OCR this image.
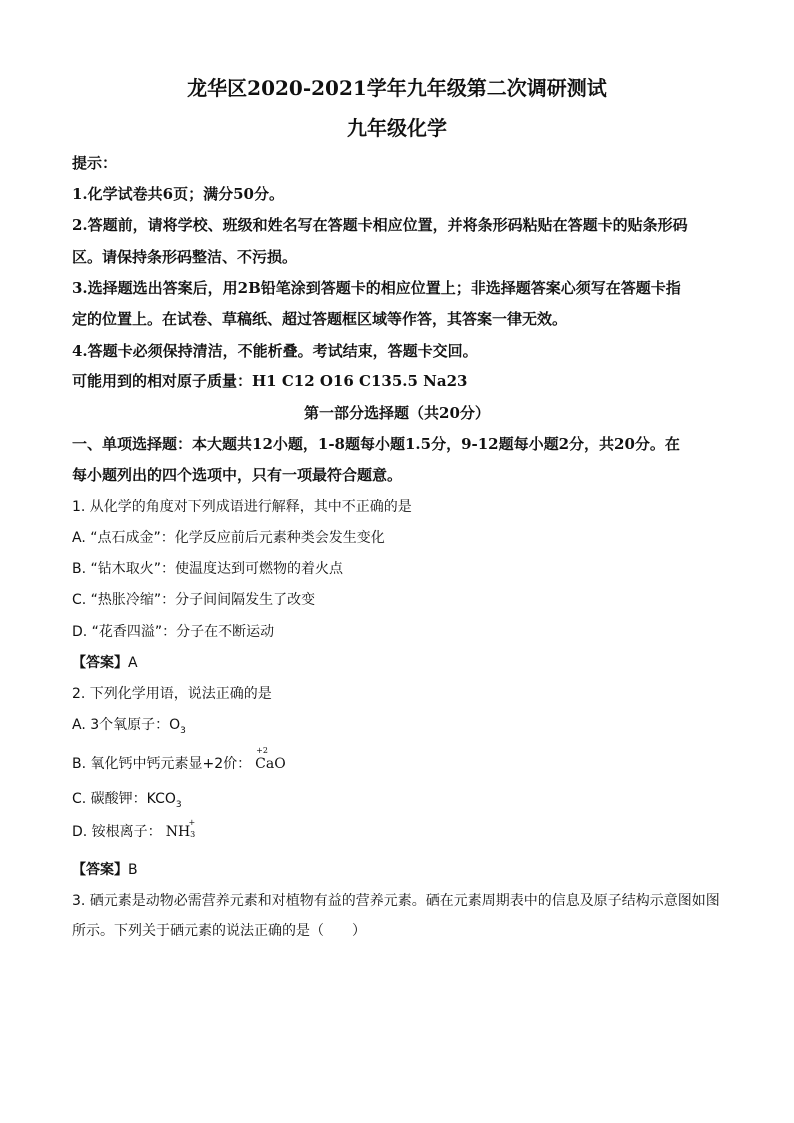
龙华区2020-2021学年九年级第二次调研测试
九年级化学
提示：
1.化学试卷共6页；满分50分。
2.答题前，请将学校、班级和姓名写在答题卡相应位置，并将条形码粘贴在答题卡的贴条形码
区。请保持条形码整洁、不污损。
3.选择题选出答案后，用2B铅笔涂到答题卡的相应位置上；非选择题答案心须写在答题卡指
定的位置上。在试卷、草稿纸、超过答题框区域等作答，其答案一律无效。
4.答题卡必须保持清洁，不能析叠。考试结束，答题卡交回。
可能用到的相对原子质量：H1 C12 O16 C135.5 Na23
第一部分选择题（共20分）
一、单项选择题：本大题共12小题，1-8题每小题1.5分，9-12题每小题2分，共20分。在
每小题列出的四个选项中，只有一项最符合题意。
1. 从化学的角度对下列成语进行解释，其中不正确的是
A. “点石成金”：化学反应前后元素种类会发生变化
B. “钻木取火”：使温度达到可燃物的着火点
C. “热胀冷缩”：分子间间隔发生了改变
D. “花香四溢”：分子在不断运动
【答案】A
2. 下列化学用语，说法正确的是
A. 3个氧原子：$O_3$
B. 氧化钙中钙元素显+2价：
+2
CaO
C. 碳酸钾：$KCO_3$
D. 铵根离子： NH
+
3
【答案】B
3. 硒元素是动物必需营养元素和对植物有益的营养元素。硒在元素周期表中的信息及原子结构示意图如图
所示。下列关于硒元素的说法正确的是（　　）
